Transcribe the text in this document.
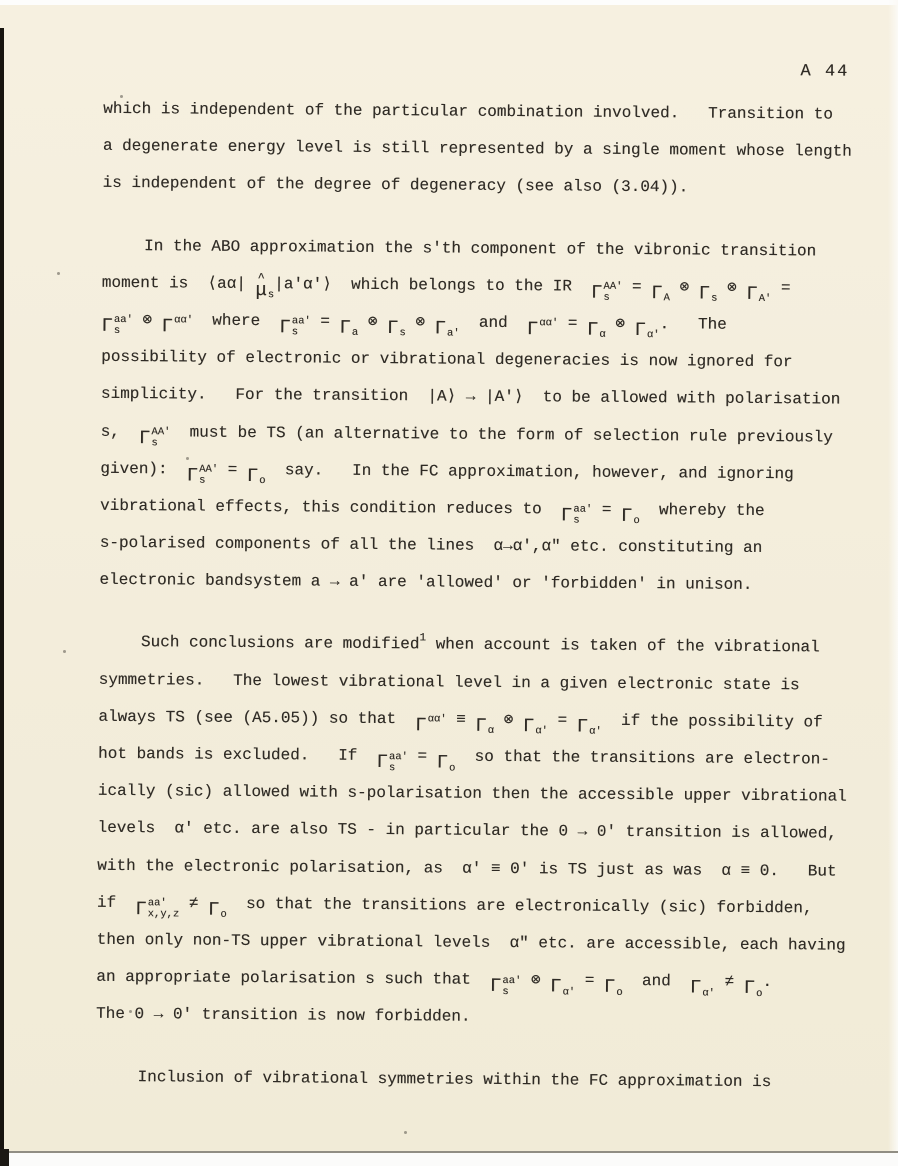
A 44
which is independent of the particular combination involved.   Transition to
a degenerate energy level is still represented by a single moment whose length
is independent of the degree of degeneracy (see also (3.04)).
In the ABO approximation the s'th component of the vibronic transition
moment is  ⟨aα| μ ^ s |a'α′⟩  which belongs to the IR Γ AA'
s
= Γ A
⊗ Γ s
⊗ Γ A'
=
Γ aa'
s
⊗ Γ αα′ where Γ aa'
s
= Γ a
⊗ Γ s
⊗ Γ a'
and Γ αα′ = Γ α
⊗ Γ α′
.   The
possibility of electronic or vibrational degeneracies is now ignored for
simplicity.   For the transition  |A⟩ → |A'⟩  to be allowed with polarisation
s, Γ AA'
s must be TS (an alternative to the form of selection rule previously
given): Γ AA'
s
= Γ o say.   In the FC approximation, however, and ignoring
vibrational effects, this condition reduces to Γ aa'
s
= Γ o
whereby the
s-polarised components of all the lines  α→α′,α″ etc. constituting an
electronic bandsystem a → a' are 'allowed' or 'forbidden' in unison.
Such conclusions are modified$^1$ when account is taken of the vibrational
symmetries.   The lowest vibrational level in a given electronic state is
always TS (see (A5.05)) so that Γ αα′ ≡ Γ α
⊗ Γ α′
= Γ α′
if the possibility of
hot bands is excluded.   If Γ aa'
s
= Γ o so that the transitions are electron-
ically (sic) allowed with s-polarisation then the accessible upper vibrational
levels  α′ etc. are also TS - in particular the 0 → 0' transition is allowed,
with the electronic polarisation, as  α′ ≡ 0' is TS just as was  α ≡ 0.   But
if Γ aa'
x,y,z
≠ Γ o so that the transitions are electronically (sic) forbidden,
then only non-TS upper vibrational levels  α″ etc. are accessible, each having
an appropriate polarisation s such that Γ aa'
s
⊗ Γ α′
= Γ o
and Γ α′
≠ Γ o
.
The 0 → 0' transition is now forbidden.
Inclusion of vibrational symmetries within the FC approximation is
